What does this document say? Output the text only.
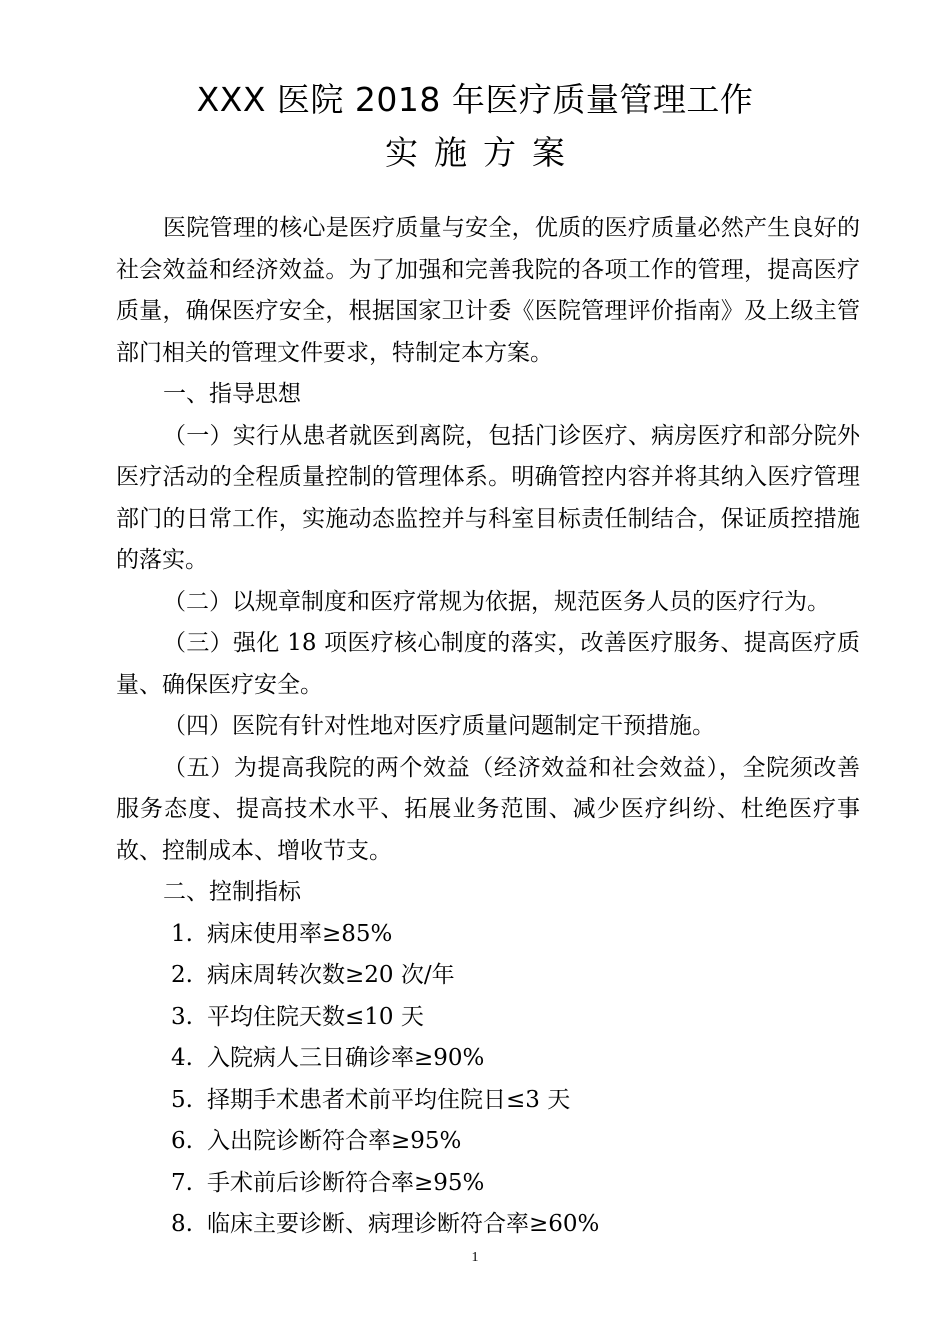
XXX 医院 2018 年医疗质量管理工作
实施方案

医院管理的核心是医疗质量与安全，优质的医疗质量必然产生良好的社会效益和经济效益。为了加强和完善我院的各项工作的管理，提高医疗质量，确保医疗安全，根据国家卫计委《医院管理评价指南》及上级主管部门相关的管理文件要求，特制定本方案。

一、指导思想

（一）实行从患者就医到离院，包括门诊医疗、病房医疗和部分院外医疗活动的全程质量控制的管理体系。明确管控内容并将其纳入医疗管理部门的日常工作，实施动态监控并与科室目标责任制结合，保证质控措施的落实。

（二）以规章制度和医疗常规为依据，规范医务人员的医疗行为。

（三）强化 18 项医疗核心制度的落实，改善医疗服务、提高医疗质量、确保医疗安全。

（四）医院有针对性地对医疗质量问题制定干预措施。

（五）为提高我院的两个效益（经济效益和社会效益），全院须改善服务态度、提高技术水平、拓展业务范围、减少医疗纠纷、杜绝医疗事故、控制成本、增收节支。

二、控制指标

1. 病床使用率≥85%
2. 病床周转次数≥20 次/年
3. 平均住院天数≤10 天
4. 入院病人三日确诊率≥90%
5. 择期手术患者术前平均住院日≤3 天
6. 入出院诊断符合率≥95%
7. 手术前后诊断符合率≥95%
8. 临床主要诊断、病理诊断符合率≥60%
1
